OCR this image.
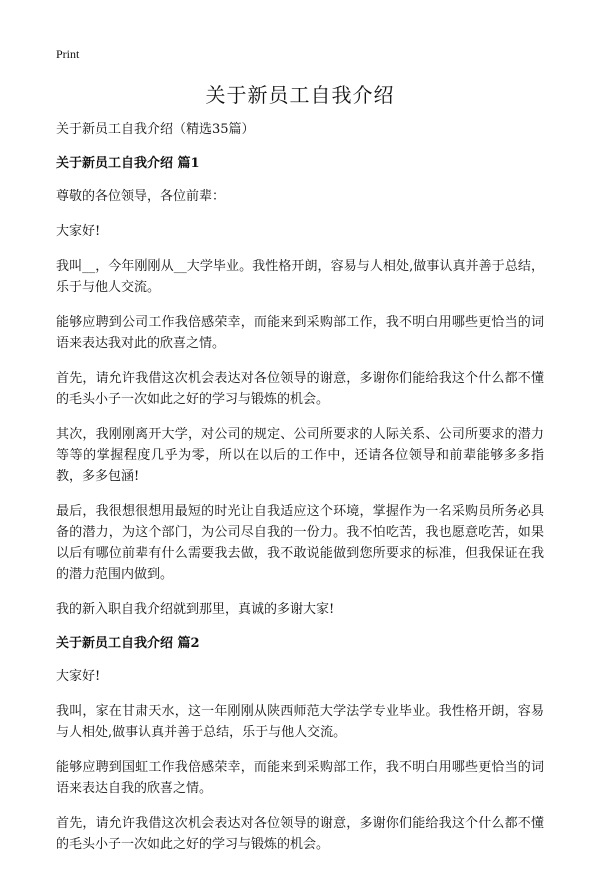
Print
关于新员工自我介绍

关于新员工自我介绍（精选35篇）

关于新员工自我介绍 篇1

尊敬的各位领导，各位前辈：

大家好!

我叫__，今年刚刚从__大学毕业。我性格开朗，容易与人相处,做事认真并善于总结，乐于与他人交流。

能够应聘到公司工作我倍感荣幸，而能来到采购部工作，我不明白用哪些更恰当的词语来表达我对此的欣喜之情。

首先，请允许我借这次机会表达对各位领导的谢意，多谢你们能给我这个什么都不懂的毛头小子一次如此之好的学习与锻炼的机会。

其次，我刚刚离开大学，对公司的规定、公司所要求的人际关系、公司所要求的潜力等等的掌握程度几乎为零，所以在以后的工作中，还请各位领导和前辈能够多多指教，多多包涵!

最后，我很想很想用最短的时光让自我适应这个环境，掌握作为一名采购员所务必具备的潜力，为这个部门，为公司尽自我的一份力。我不怕吃苦，我也愿意吃苦，如果以后有哪位前辈有什么需要我去做，我不敢说能做到您所要求的标准，但我保证在我的潜力范围内做到。

我的新入职自我介绍就到那里，真诚的多谢大家!

关于新员工自我介绍 篇2

大家好!

我叫，家在甘肃天水，这一年刚刚从陕西师范大学法学专业毕业。我性格开朗，容易与人相处,做事认真并善于总结，乐于与他人交流。

能够应聘到国虹工作我倍感荣幸，而能来到采购部工作，我不明白用哪些更恰当的词语来表达自我的欣喜之情。

首先，请允许我借这次机会表达对各位领导的谢意，多谢你们能给我这个什么都不懂的毛头小子一次如此之好的学习与锻炼的机会。
